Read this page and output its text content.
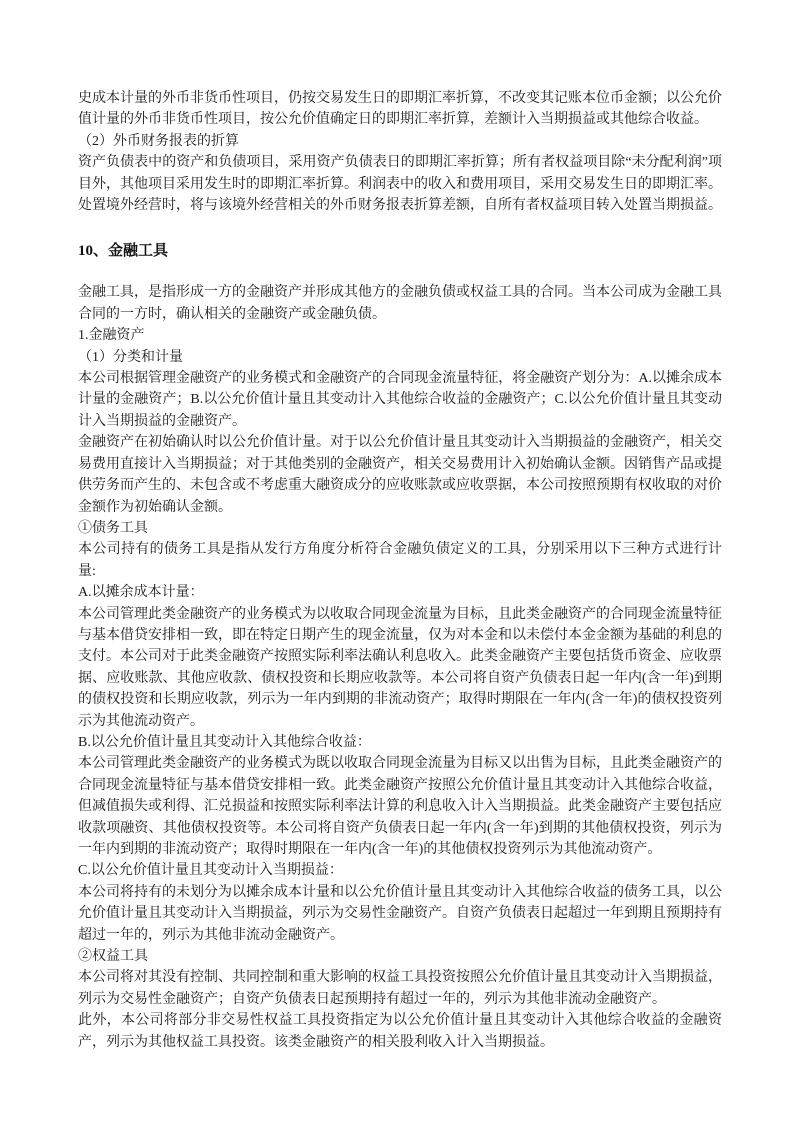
史成本计量的外币非货币性项目，仍按交易发生日的即期汇率折算，不改变其记账本位币金额；以公允价值计量的外币非货币性项目，按公允价值确定日的即期汇率折算，差额计入当期损益或其他综合收益。

（2）外币财务报表的折算

资产负债表中的资产和负债项目，采用资产负债表日的即期汇率折算；所有者权益项目除“未分配利润”项目外，其他项目采用发生时的即期汇率折算。利润表中的收入和费用项目，采用交易发生日的即期汇率。处置境外经营时，将与该境外经营相关的外币财务报表折算差额，自所有者权益项目转入处置当期损益。

10、金融工具

金融工具，是指形成一方的金融资产并形成其他方的金融负债或权益工具的合同。当本公司成为金融工具合同的一方时，确认相关的金融资产或金融负债。

1.金融资产

（1）分类和计量

本公司根据管理金融资产的业务模式和金融资产的合同现金流量特征，将金融资产划分为：A.以摊余成本计量的金融资产；B.以公允价值计量且其变动计入其他综合收益的金融资产；C.以公允价值计量且其变动计入当期损益的金融资产。

金融资产在初始确认时以公允价值计量。对于以公允价值计量且其变动计入当期损益的金融资产，相关交易费用直接计入当期损益；对于其他类别的金融资产，相关交易费用计入初始确认金额。因销售产品或提供劳务而产生的、未包含或不考虑重大融资成分的应收账款或应收票据，本公司按照预期有权收取的对价金额作为初始确认金额。

①债务工具

本公司持有的债务工具是指从发行方角度分析符合金融负债定义的工具，分别采用以下三种方式进行计量:

A.以摊余成本计量：

本公司管理此类金融资产的业务模式为以收取合同现金流量为目标，且此类金融资产的合同现金流量特征与基本借贷安排相一致，即在特定日期产生的现金流量，仅为对本金和以未偿付本金金额为基础的利息的支付。本公司对于此类金融资产按照实际利率法确认利息收入。此类金融资产主要包括货币资金、应收票据、应收账款、其他应收款、债权投资和长期应收款等。本公司将自资产负债表日起一年内(含一年)到期的债权投资和长期应收款，列示为一年内到期的非流动资产；取得时期限在一年内(含一年)的债权投资列示为其他流动资产。

B.以公允价值计量且其变动计入其他综合收益：

本公司管理此类金融资产的业务模式为既以收取合同现金流量为目标又以出售为目标，且此类金融资产的合同现金流量特征与基本借贷安排相一致。此类金融资产按照公允价值计量且其变动计入其他综合收益，但减值损失或利得、汇兑损益和按照实际利率法计算的利息收入计入当期损益。此类金融资产主要包括应收款项融资、其他债权投资等。本公司将自资产负债表日起一年内(含一年)到期的其他债权投资，列示为一年内到期的非流动资产；取得时期限在一年内(含一年)的其他债权投资列示为其他流动资产。

C.以公允价值计量且其变动计入当期损益：

本公司将持有的未划分为以摊余成本计量和以公允价值计量且其变动计入其他综合收益的债务工具，以公允价值计量且其变动计入当期损益，列示为交易性金融资产。自资产负债表日起超过一年到期且预期持有超过一年的，列示为其他非流动金融资产。

②权益工具

本公司将对其没有控制、共同控制和重大影响的权益工具投资按照公允价值计量且其变动计入当期损益，列示为交易性金融资产；自资产负债表日起预期持有超过一年的，列示为其他非流动金融资产。

此外，本公司将部分非交易性权益工具投资指定为以公允价值计量且其变动计入其他综合收益的金融资产，列示为其他权益工具投资。该类金融资产的相关股利收入计入当期损益。
